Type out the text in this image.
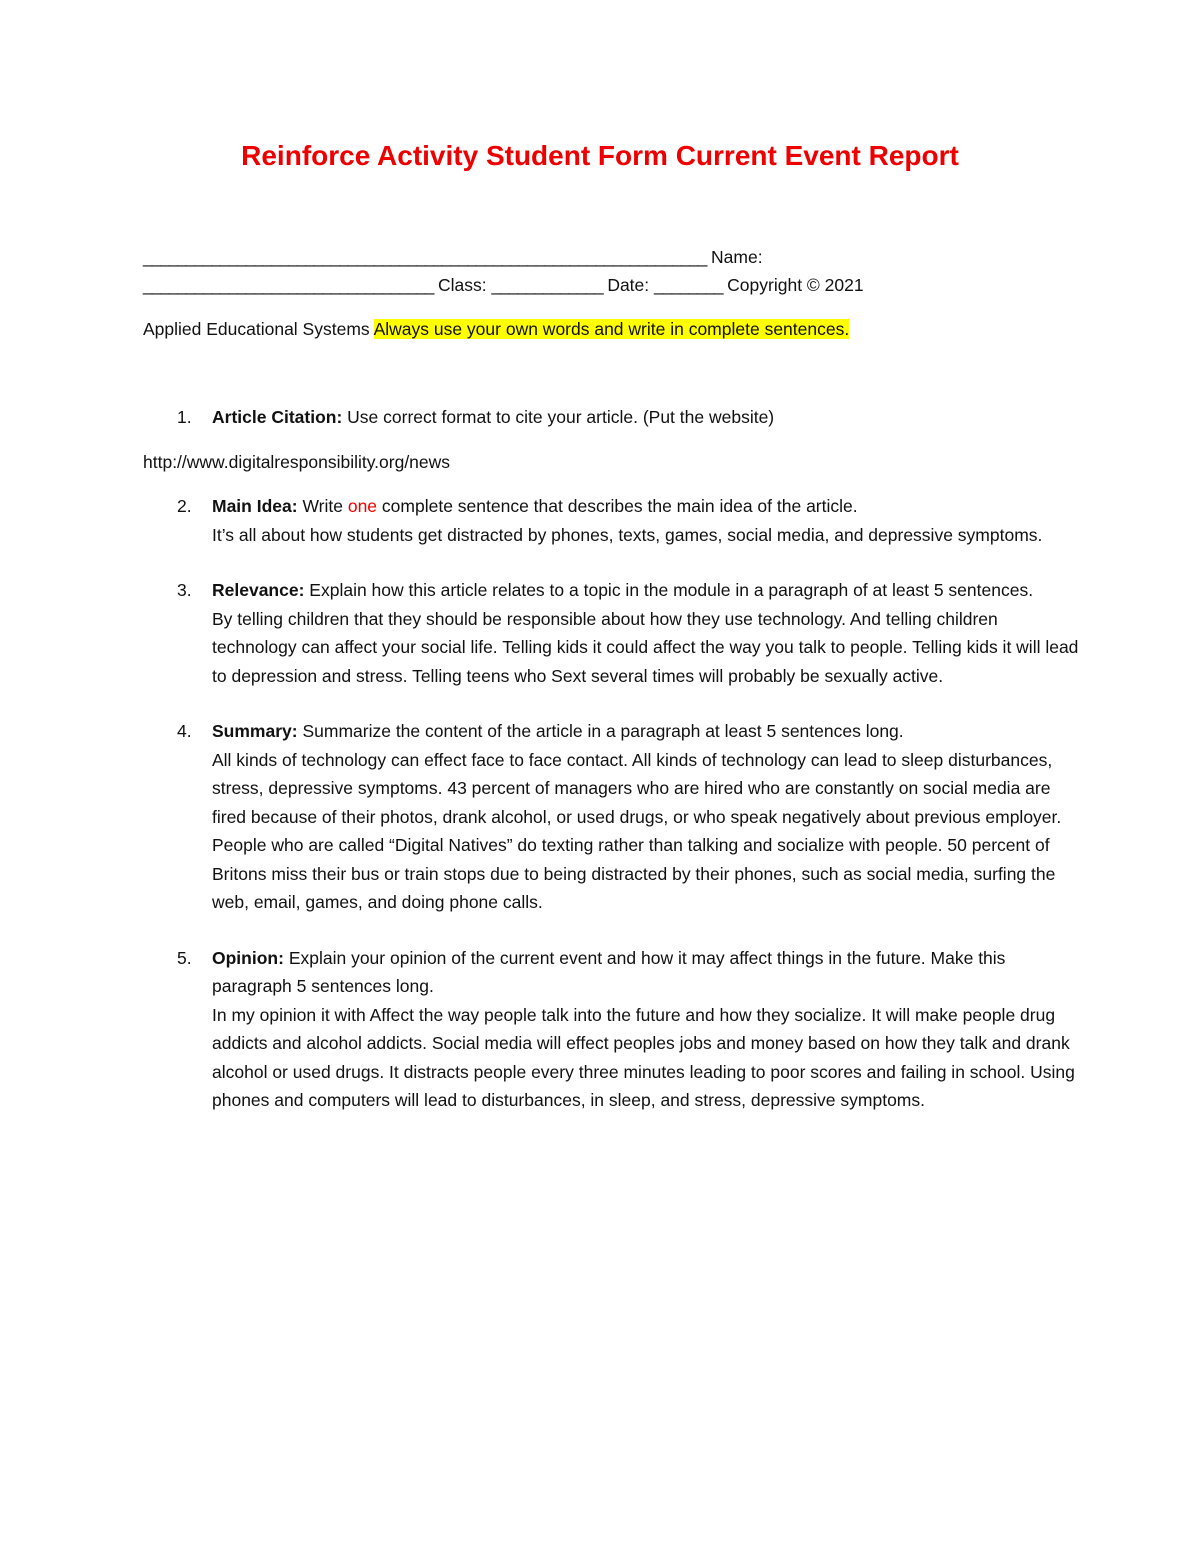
Reinforce Activity Student Form Current Event Report
__________________________________________________________________ Name:
__________________________________ Class: _____________ Date: ________ Copyright © 2021
Applied Educational Systems Always use your own words and write in complete sentences.
1. Article Citation: Use correct format to cite your article. (Put the website)

http://www.digitalresponsibility.org/news
2. Main Idea: Write one complete sentence that describes the main idea of the article.

It’s all about how students get distracted by phones, texts, games, social media, and depressive symptoms.

3. Relevance: Explain how this article relates to a topic in the module in a paragraph of at least 5 sentences.

By telling children that they should be responsible about how they use technology. And telling children technology can affect your social life. Telling kids it could affect the way you talk to people. Telling kids it will lead to depression and stress. Telling teens who Sext several times will probably be sexually active.

4. Summary: Summarize the content of the article in a paragraph at least 5 sentences long.

All kinds of technology can effect face to face contact. All kinds of technology can lead to sleep disturbances, stress, depressive symptoms. 43 percent of managers who are hired who are constantly on social media are fired because of their photos, drank alcohol, or used drugs, or who speak negatively about previous employer. People who are called “Digital Natives” do texting rather than talking and socialize with people. 50 percent of Britons miss their bus or train stops due to being distracted by their phones, such as social media, surfing the web, email, games, and doing phone calls.

5. Opinion: Explain your opinion of the current event and how it may affect things in the future. Make this paragraph 5 sentences long.

In my opinion it with Affect the way people talk into the future and how they socialize. It will make people drug addicts and alcohol addicts. Social media will effect peoples jobs and money based on how they talk and drank alcohol or used drugs. It distracts people every three minutes leading to poor scores and failing in school. Using phones and computers will lead to disturbances, in sleep, and stress, depressive symptoms.
